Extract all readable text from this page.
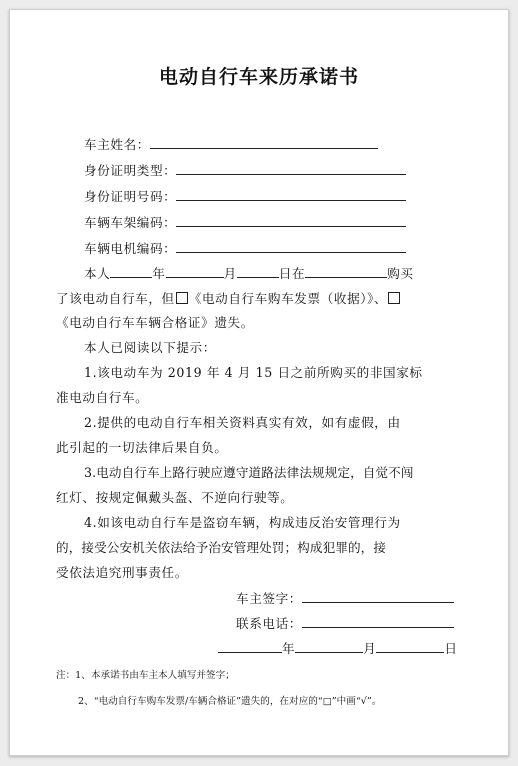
电动自行车来历承诺书
车主姓名：
身份证明类型：
身份证明号码：
车辆车架编码：
车辆电机编码：
本人	年	月	日在	购买
了该电动自行车，但 《电动自行车购车发票（收据）》、
《电动自行车车辆合格证》遗失。
本人已阅读以下提示：
1.该电动车为 2019 年 4 月 15 日之前所购买的非国家标
准电动自行车。
2.提供的电动自行车相关资料真实有效，如有虚假，由
此引起的一切法律后果自负。
3.电动自行车上路行驶应遵守道路法律法规规定，自觉不闯
红灯、按规定佩戴头盔、不逆向行驶等。
4.如该电动自行车是盗窃车辆，构成违反治安管理行为
的，接受公安机关依法给予治安管理处罚；构成犯罪的，接
受依法追究刑事责任。
车主签字：
联系电话：
年	月	日
注：1、本承诺书由车主本人填写并签字；
2、“电动自行车购车发票/车辆合格证”遗失的，在对应的“□”中画“√”。
